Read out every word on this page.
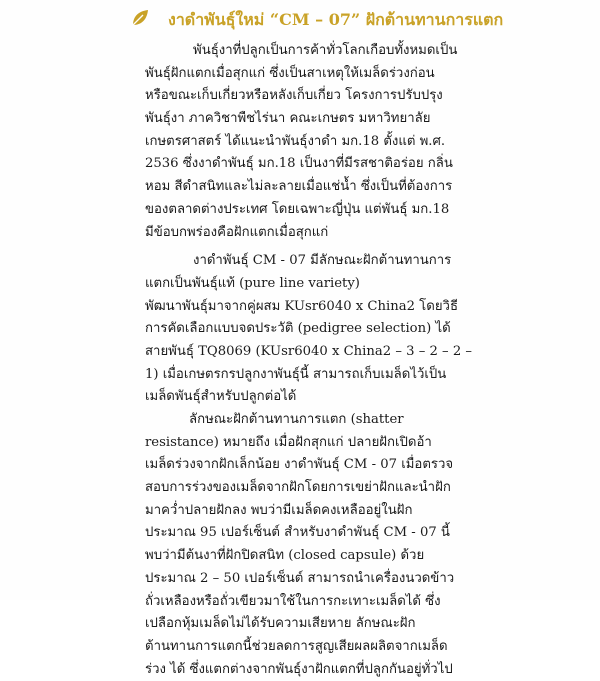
งาดำพันธุ์ใหม่ “CM – 07” ฝักต้านทานการแตก
พันธุ์งาที่ปลูกเป็นการค้าทั่วโลกเกือบทั้งหมดเป็น
พันธุ์ฝักแตกเมื่อสุกแก่ ซึ่งเป็นสาเหตุให้เมล็ดร่วงก่อน
หรือขณะเก็บเกี่ยวหรือหลังเก็บเกี่ยว โครงการปรับปรุง
พันธุ์งา ภาควิชาพืชไร่นา คณะเกษตร มหาวิทยาลัย
เกษตรศาสตร์ ได้แนะนำพันธุ์งาดำ มก.18 ตั้งแต่ พ.ศ.
2536 ซึ่งงาดำพันธุ์ มก.18 เป็นงาที่มีรสชาติอร่อย กลิ่น
หอม สีดำสนิทและไม่ละลายเมื่อแช่น้ำ ซึ่งเป็นที่ต้องการ
ของตลาดต่างประเทศ โดยเฉพาะญี่ปุ่น แต่พันธุ์ มก.18
มีข้อบกพร่องคือฝักแตกเมื่อสุกแก่
งาดำพันธุ์ CM - 07 มีลักษณะฝักต้านทานการ
แตกเป็นพันธุ์แท้ (pure line variety)
พัฒนาพันธุ์มาจากคู่ผสม KUsr6040 x China2 โดยวิธี
การคัดเลือกแบบจดประวัติ (pedigree selection) ได้
สายพันธุ์ TQ8069 (KUsr6040 x China2 – 3 – 2 – 2 –
1) เมื่อเกษตรกรปลูกงาพันธุ์นี้ สามารถเก็บเมล็ดไว้เป็น
เมล็ดพันธุ์สำหรับปลูกต่อได้
ลักษณะฝักต้านทานการแตก (shatter
resistance) หมายถึง เมื่อฝักสุกแก่ ปลายฝักเปิดอ้า
เมล็ดร่วงจากฝักเล็กน้อย งาดำพันธุ์ CM - 07 เมื่อตรวจ
สอบการร่วงของเมล็ดจากฝักโดยการเขย่าฝักและนำฝัก
มาคว่ำปลายฝักลง พบว่ามีเมล็ดคงเหลืออยู่ในฝัก
ประมาณ 95 เปอร์เซ็นต์ สำหรับงาดำพันธุ์ CM - 07 นี้
พบว่ามีต้นงาที่ฝักปิดสนิท (closed capsule) ด้วย
ประมาณ 2 – 50 เปอร์เซ็นต์ สามารถนำเครื่องนวดข้าว
ถั่วเหลืองหรือถั่วเขียวมาใช้ในการกะเทาะเมล็ดได้ ซึ่ง
เปลือกหุ้มเมล็ดไม่ได้รับความเสียหาย ลักษณะฝัก
ต้านทานการแตกนี้ช่วยลดการสูญเสียผลผลิตจากเมล็ด
ร่วง ได้ ซึ่งแตกต่างจากพันธุ์งาฝักแตกที่ปลูกกันอยู่ทั่วไป
